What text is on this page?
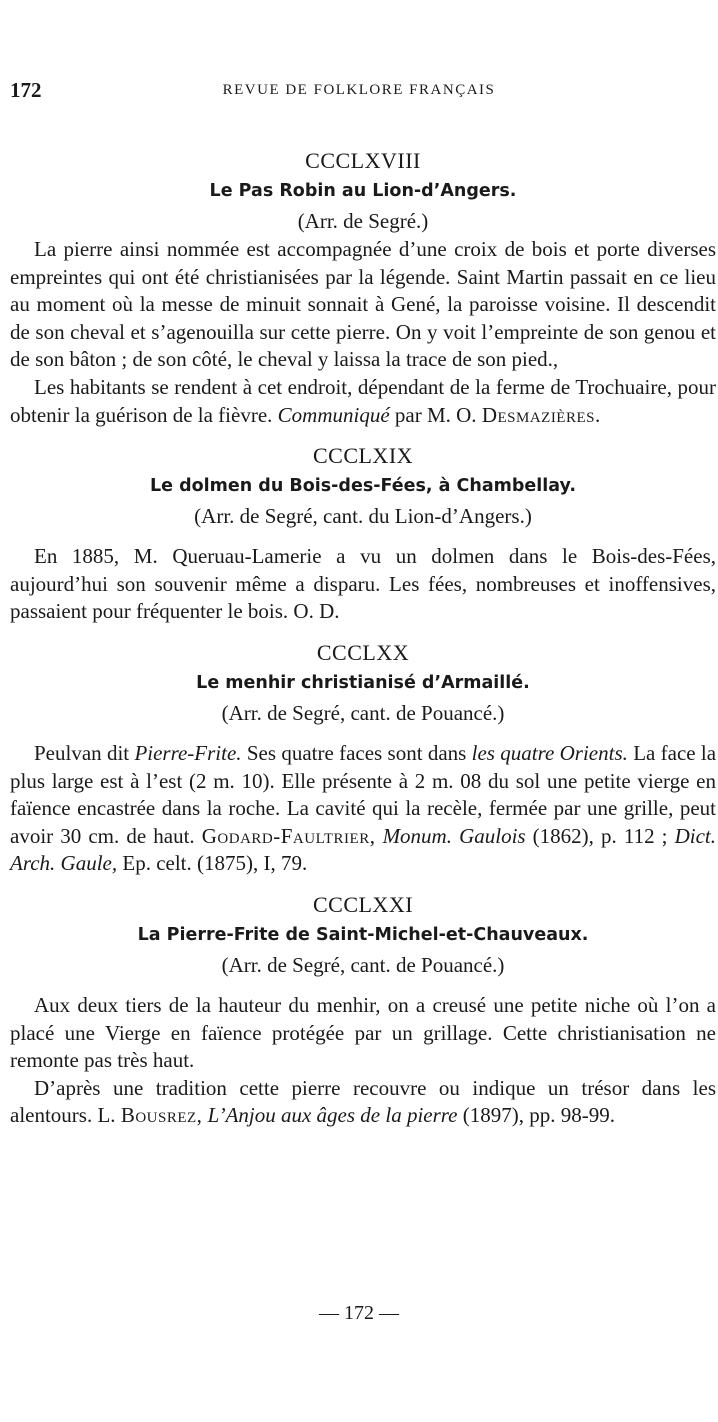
172	REVUE DE FOLKLORE FRANÇAIS
CCCLXVIII
Le Pas Robin au Lion-d’Angers.
(Arr. de Segré.)

La pierre ainsi nommée est accompagnée d’une croix de bois et porte diverses empreintes qui ont été christianisées par la légende. Saint Martin passait en ce lieu au moment où la messe de minuit sonnait à Gené, la paroisse voisine. Il descendit de son cheval et s’agenouilla sur cette pierre. On y voit l’empreinte de son genou et de son bâton ; de son côté, le cheval y laissa la trace de son pied.,

Les habitants se rendent à cet endroit, dépendant de la ferme de Trochuaire, pour obtenir la guérison de la fièvre. Communiqué par M. O. Desmazières.

CCCLXIX
Le dolmen du Bois-des-Fées, à Chambellay.
(Arr. de Segré, cant. du Lion-d’Angers.)

En 1885, M. Queruau-Lamerie a vu un dolmen dans le Bois-des-Fées, aujourd’hui son souvenir même a disparu. Les fées, nombreuses et inoffensives, passaient pour fréquenter le bois. O. D.

CCCLXX
Le menhir christianisé d’Armaillé.
(Arr. de Segré, cant. de Pouancé.)

Peulvan dit Pierre-Frite. Ses quatre faces sont dans les quatre Orients. La face la plus large est à l’est (2 m. 10). Elle présente à 2 m. 08 du sol une petite vierge en faïence encastrée dans la roche. La cavité qui la recèle, fermée par une grille, peut avoir 30 cm. de haut. Godard-Faultrier, Monum. Gaulois (1862), p. 112 ; Dict. Arch. Gaule, Ep. celt. (1875), I, 79.

CCCLXXI
La Pierre-Frite de Saint-Michel-et-Chauveaux.
(Arr. de Segré, cant. de Pouancé.)

Aux deux tiers de la hauteur du menhir, on a creusé une petite niche où l’on a placé une Vierge en faïence protégée par un grillage. Cette christianisation ne remonte pas très haut.

D’après une tradition cette pierre recouvre ou indique un trésor dans les alentours. L. Bousrez, L’Anjou aux âges de la pierre (1897), pp. 98-99.

— 172 —
